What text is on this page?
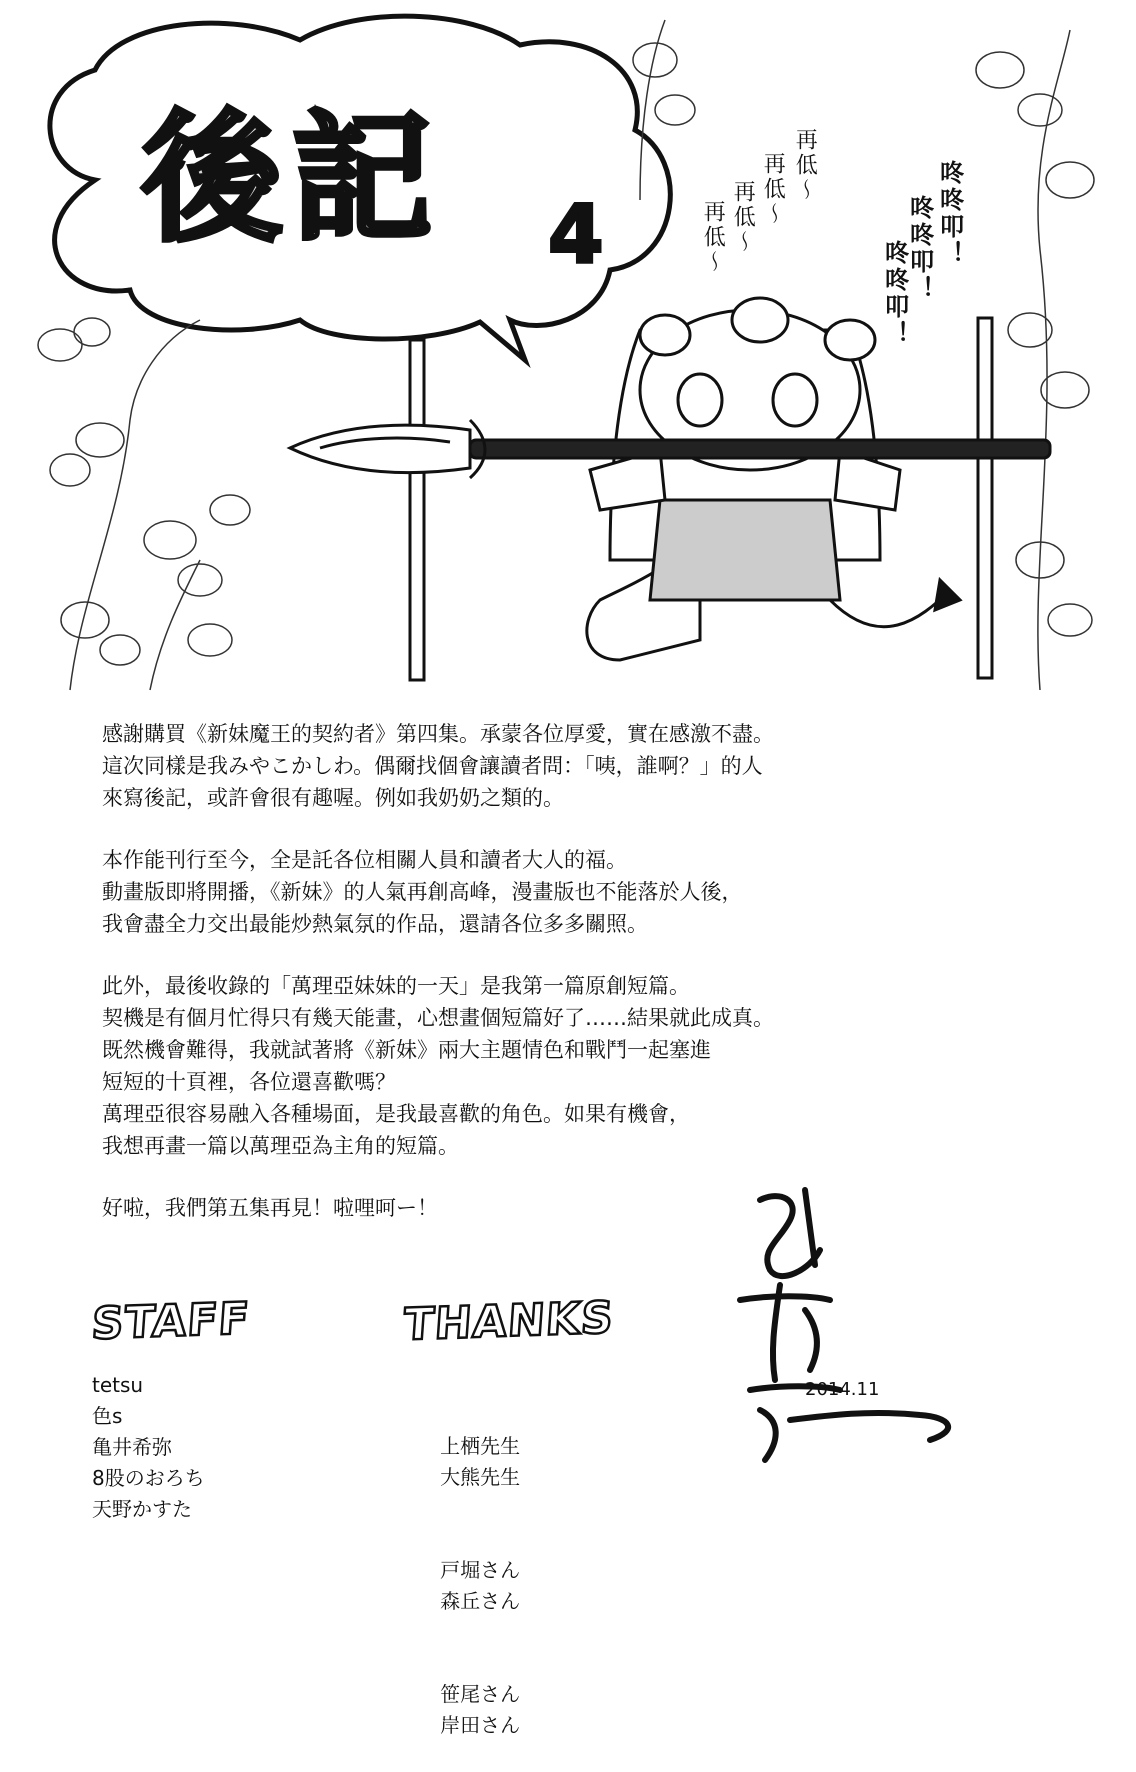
後記 4
再低〜
再低〜
再低〜
再低〜	咚咚叩！
咚咚叩！
咚咚叩！

感謝購買《新妹魔王的契約者》第四集。承蒙各位厚愛，實在感激不盡。

這次同樣是我みやこかしわ。偶爾找個會讓讀者問：「咦，誰啊？」的人

來寫後記，或許會很有趣喔。例如我奶奶之類的。

本作能刊行至今，全是託各位相關人員和讀者大人的福。

動畫版即將開播，《新妹》的人氣再創高峰，漫畫版也不能落於人後，

我會盡全力交出最能炒熱氣氛的作品，還請各位多多關照。

此外，最後收錄的「萬理亞妹妹的一天」是我第一篇原創短篇。

契機是有個月忙得只有幾天能畫，心想畫個短篇好了……結果就此成真。

既然機會難得，我就試著將《新妹》兩大主題情色和戰鬥一起塞進

短短的十頁裡，各位還喜歡嗎？

萬理亞很容易融入各種場面，是我最喜歡的角色。如果有機會，

我想再畫一篇以萬理亞為主角的短篇。

好啦，我們第五集再見！啦哩呵ー！

STAFF
tetsu
色s
亀井希弥
8股のおろち
天野かすた
THANKS

上栖先生
大熊先生

戸堀さん
森丘さん

笹尾さん
岸田さん

2014.11
